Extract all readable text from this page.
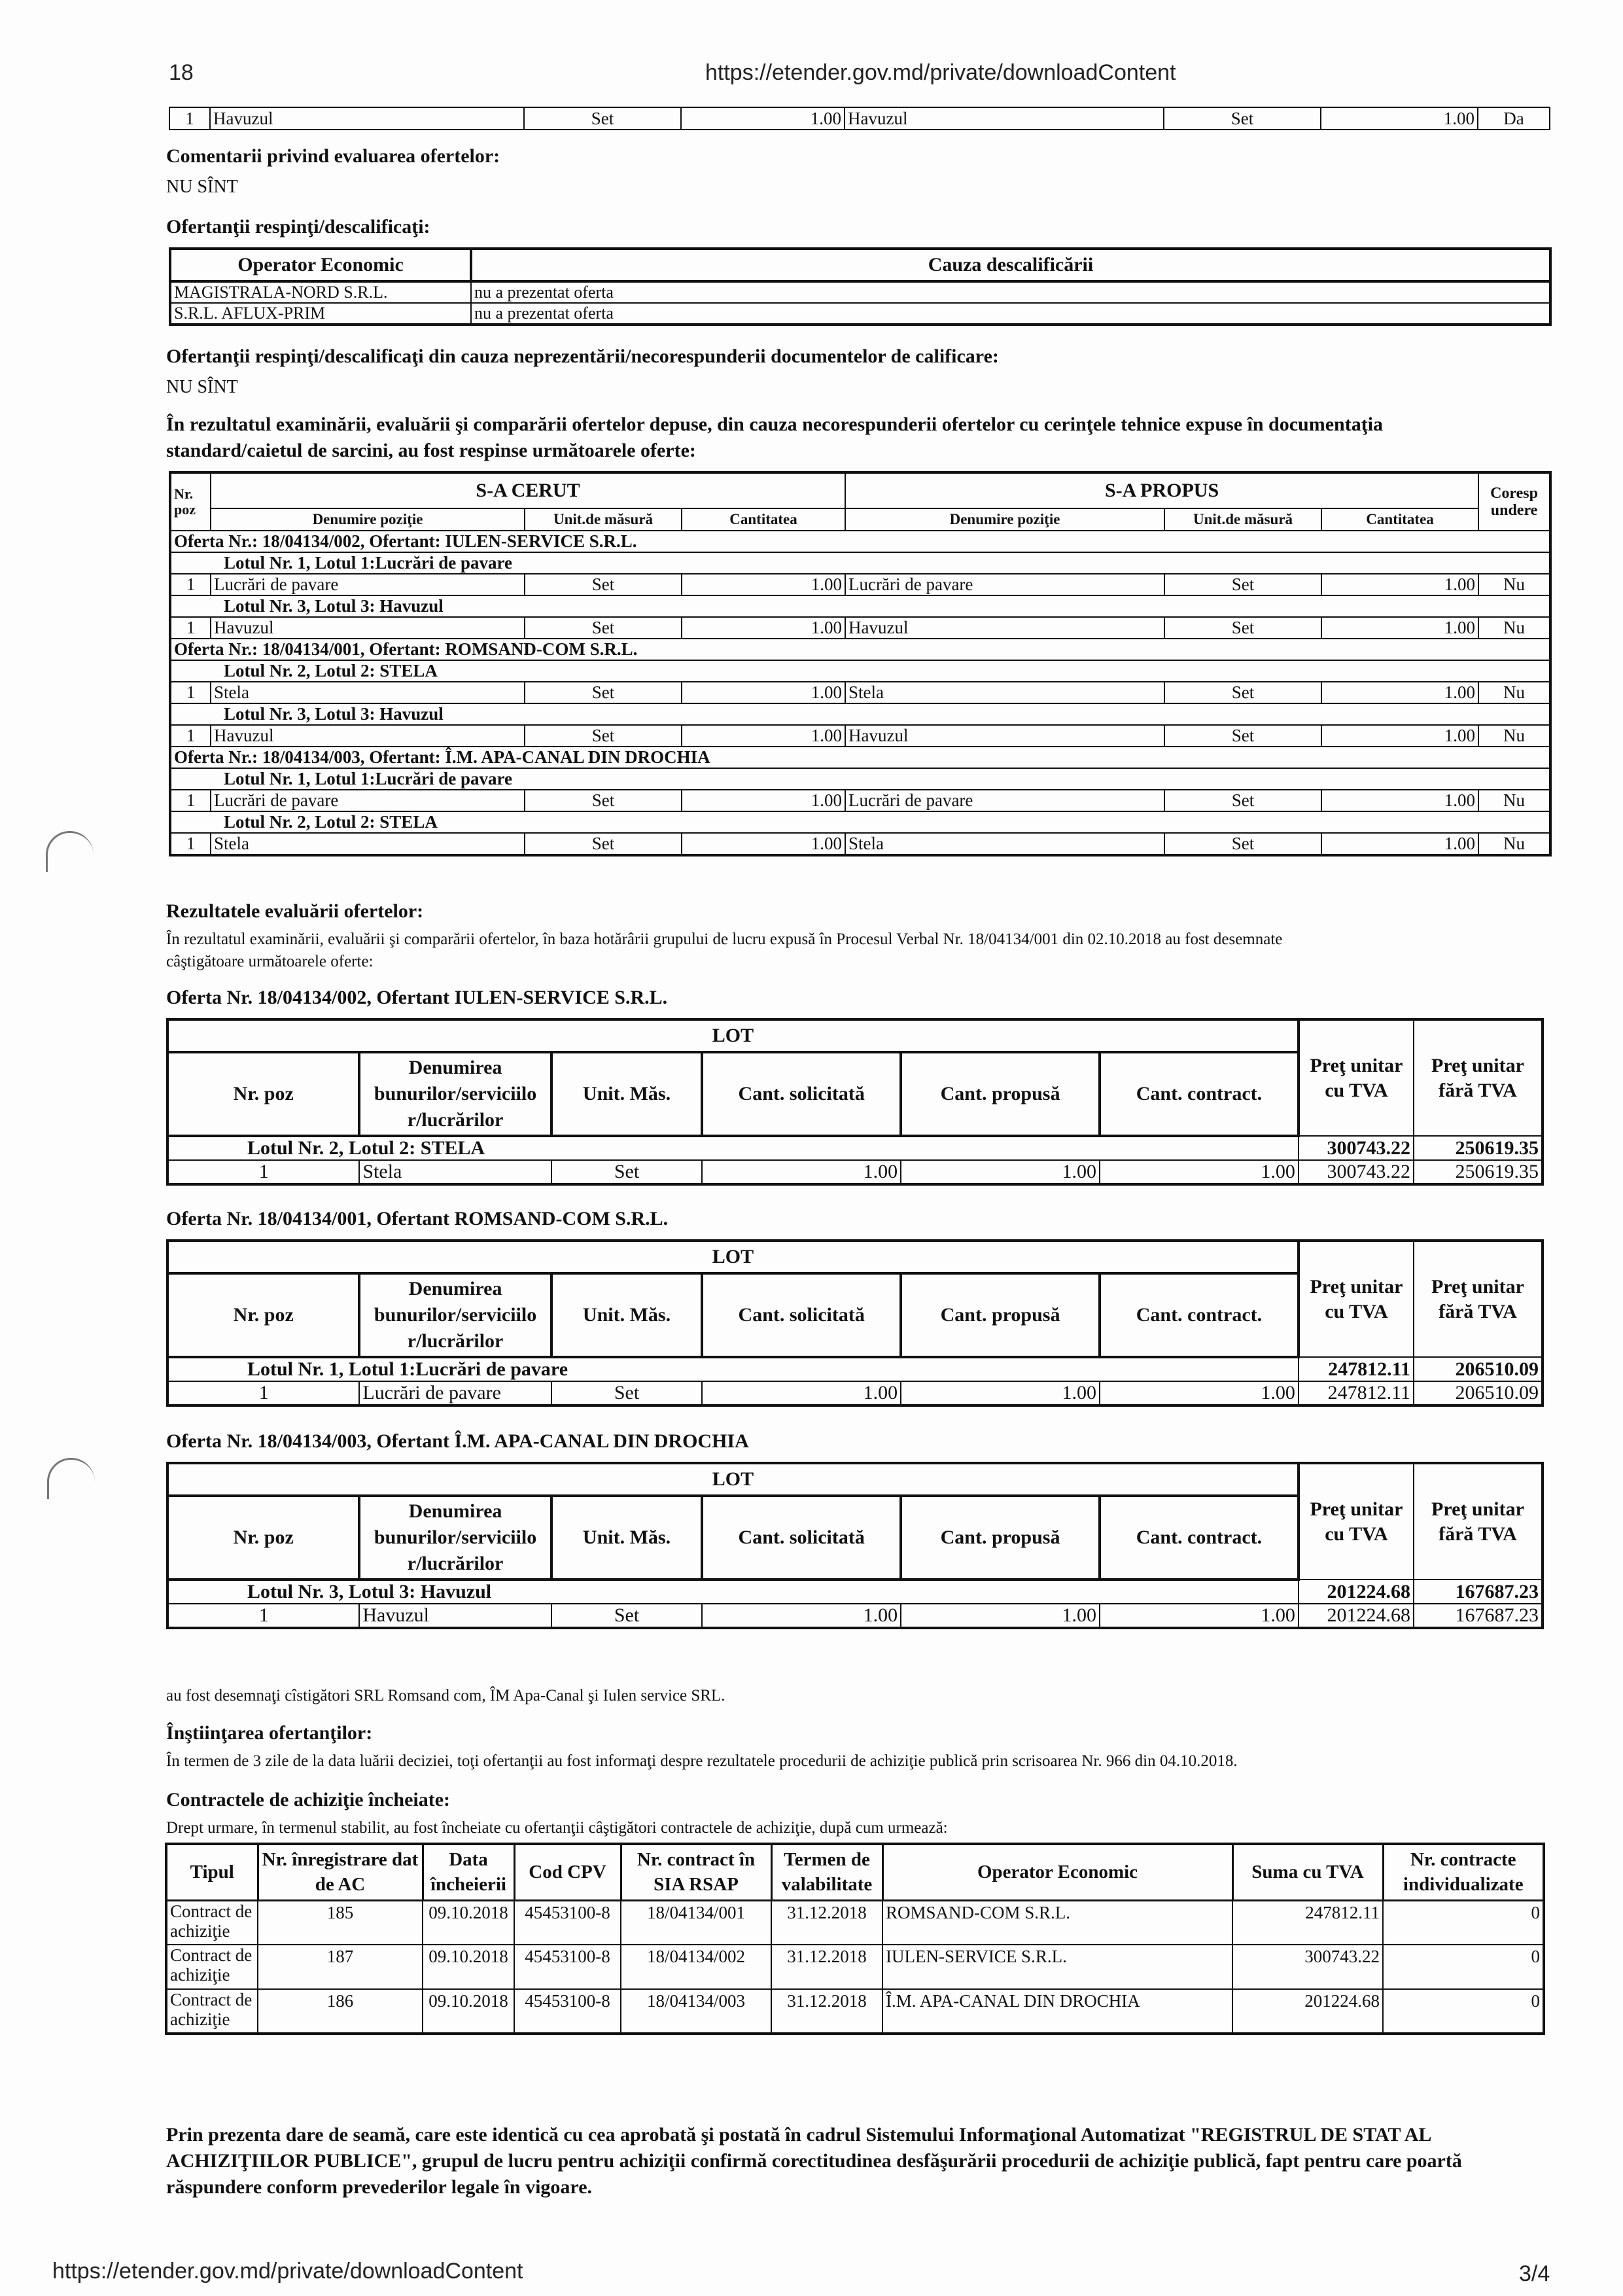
18	https://etender.gov.md/private/downloadContent
1	Havuzul	Set	1.00	Havuzul	Set	1.00	Da
Comentarii privind evaluarea ofertelor:
NU SÎNT
Ofertanţii respinţi/descalificaţi:
Operator Economic	Cauza descalificării
MAGISTRALA-NORD S.R.L.	nu a prezentat oferta
S.R.L. AFLUX-PRIM	nu a prezentat oferta
Ofertanţii respinţi/descalificaţi din cauza neprezentării/necorespunderii documentelor de calificare:
NU SÎNT
În rezultatul examinării, evaluării şi comparării ofertelor depuse, din cauza necorespunderii ofertelor cu cerinţele tehnice expuse în documentaţia
standard/caietul de sarcini, au fost respinse următoarele oferte:
Nr. poz	S-A CERUT			S-A PROPUS			Coresp undere
	Denumire poziţie	Unit.de măsură	Cantitatea	Denumire poziţie	Unit.de măsură	Cantitatea	
Oferta Nr.: 18/04134/002, Ofertant: IULEN-SERVICE S.R.L.							
Lotul Nr. 1, Lotul 1:Lucrări de pavare							
1	Lucrări de pavare	Set	1.00	Lucrări de pavare	Set	1.00	Nu
Lotul Nr. 3, Lotul 3: Havuzul							
1	Havuzul	Set	1.00	Havuzul	Set	1.00	Nu
Oferta Nr.: 18/04134/001, Ofertant: ROMSAND-COM S.R.L.							
Lotul Nr. 2, Lotul 2: STELA							
1	Stela	Set	1.00	Stela	Set	1.00	Nu
Lotul Nr. 3, Lotul 3: Havuzul							
1	Havuzul	Set	1.00	Havuzul	Set	1.00	Nu
Oferta Nr.: 18/04134/003, Ofertant: Î.M. APA-CANAL DIN DROCHIA							
Lotul Nr. 1, Lotul 1:Lucrări de pavare							
1	Lucrări de pavare	Set	1.00	Lucrări de pavare	Set	1.00	Nu
Lotul Nr. 2, Lotul 2: STELA							
1	Stela	Set	1.00	Stela	Set	1.00	Nu
Rezultatele evaluării ofertelor:
În rezultatul examinării, evaluării şi comparării ofertelor, în baza hotărârii grupului de lucru expusă în Procesul Verbal Nr. 18/04134/001 din 02.10.2018 au fost desemnate
câştigătoare următoarele oferte:
Oferta Nr. 18/04134/002, Ofertant IULEN-SERVICE S.R.L.
LOT						Preţ unitar cu TVA	Preţ unitar fără TVA
Nr. poz	Denumirea bunurilor/serviciilo r/lucrărilor	Unit. Măs.	Cant. solicitată	Cant. propusă	Cant. contract.		
Lotul Nr. 2, Lotul 2: STELA						300743.22	250619.35
1	Stela	Set	1.00	1.00	1.00	300743.22	250619.35
Oferta Nr. 18/04134/001, Ofertant ROMSAND-COM S.R.L.
LOT						Preţ unitar cu TVA	Preţ unitar fără TVA
Nr. poz	Denumirea bunurilor/serviciilo r/lucrărilor	Unit. Măs.	Cant. solicitată	Cant. propusă	Cant. contract.		
Lotul Nr. 1, Lotul 1:Lucrări de pavare						247812.11	206510.09
1	Lucrări de pavare	Set	1.00	1.00	1.00	247812.11	206510.09
Oferta Nr. 18/04134/003, Ofertant Î.M. APA-CANAL DIN DROCHIA
LOT						Preţ unitar cu TVA	Preţ unitar fără TVA
Nr. poz	Denumirea bunurilor/serviciilo r/lucrărilor	Unit. Măs.	Cant. solicitată	Cant. propusă	Cant. contract.		
Lotul Nr. 3, Lotul 3: Havuzul						201224.68	167687.23
1	Havuzul	Set	1.00	1.00	1.00	201224.68	167687.23
au fost desemnaţi cîstigători SRL Romsand com, ÎM Apa-Canal şi Iulen service SRL.
Înştiinţarea ofertanţilor:
În termen de 3 zile de la data luării deciziei, toţi ofertanţii au fost informaţi despre rezultatele procedurii de achiziţie publică prin scrisoarea Nr. 966 din 04.10.2018.
Contractele de achiziţie încheiate:
Drept urmare, în termenul stabilit, au fost încheiate cu ofertanţii câştigători contractele de achiziţie, după cum urmează:
Tipul	Nr. înregistrare dat de AC	Data încheierii	Cod CPV	Nr. contract în SIA RSAP	Termen de valabilitate	Operator Economic	Suma cu TVA	Nr. contracte individualizate
Contract de achiziţie	185	09.10.2018	45453100-8	18/04134/001	31.12.2018	ROMSAND-COM S.R.L.	247812.11	0
Contract de achiziţie	187	09.10.2018	45453100-8	18/04134/002	31.12.2018	IULEN-SERVICE S.R.L.	300743.22	0
Contract de achiziţie	186	09.10.2018	45453100-8	18/04134/003	31.12.2018	Î.M. APA-CANAL DIN DROCHIA	201224.68	0
Prin prezenta dare de seamă, care este identică cu cea aprobată şi postată în cadrul Sistemului Informaţional Automatizat "REGISTRUL DE STAT AL
ACHIZIŢIILOR PUBLICE", grupul de lucru pentru achiziţii confirmă corectitudinea desfăşurării procedurii de achiziţie publică, fapt pentru care poartă
răspundere conform prevederilor legale în vigoare.
https://etender.gov.md/private/downloadContent	3/4
